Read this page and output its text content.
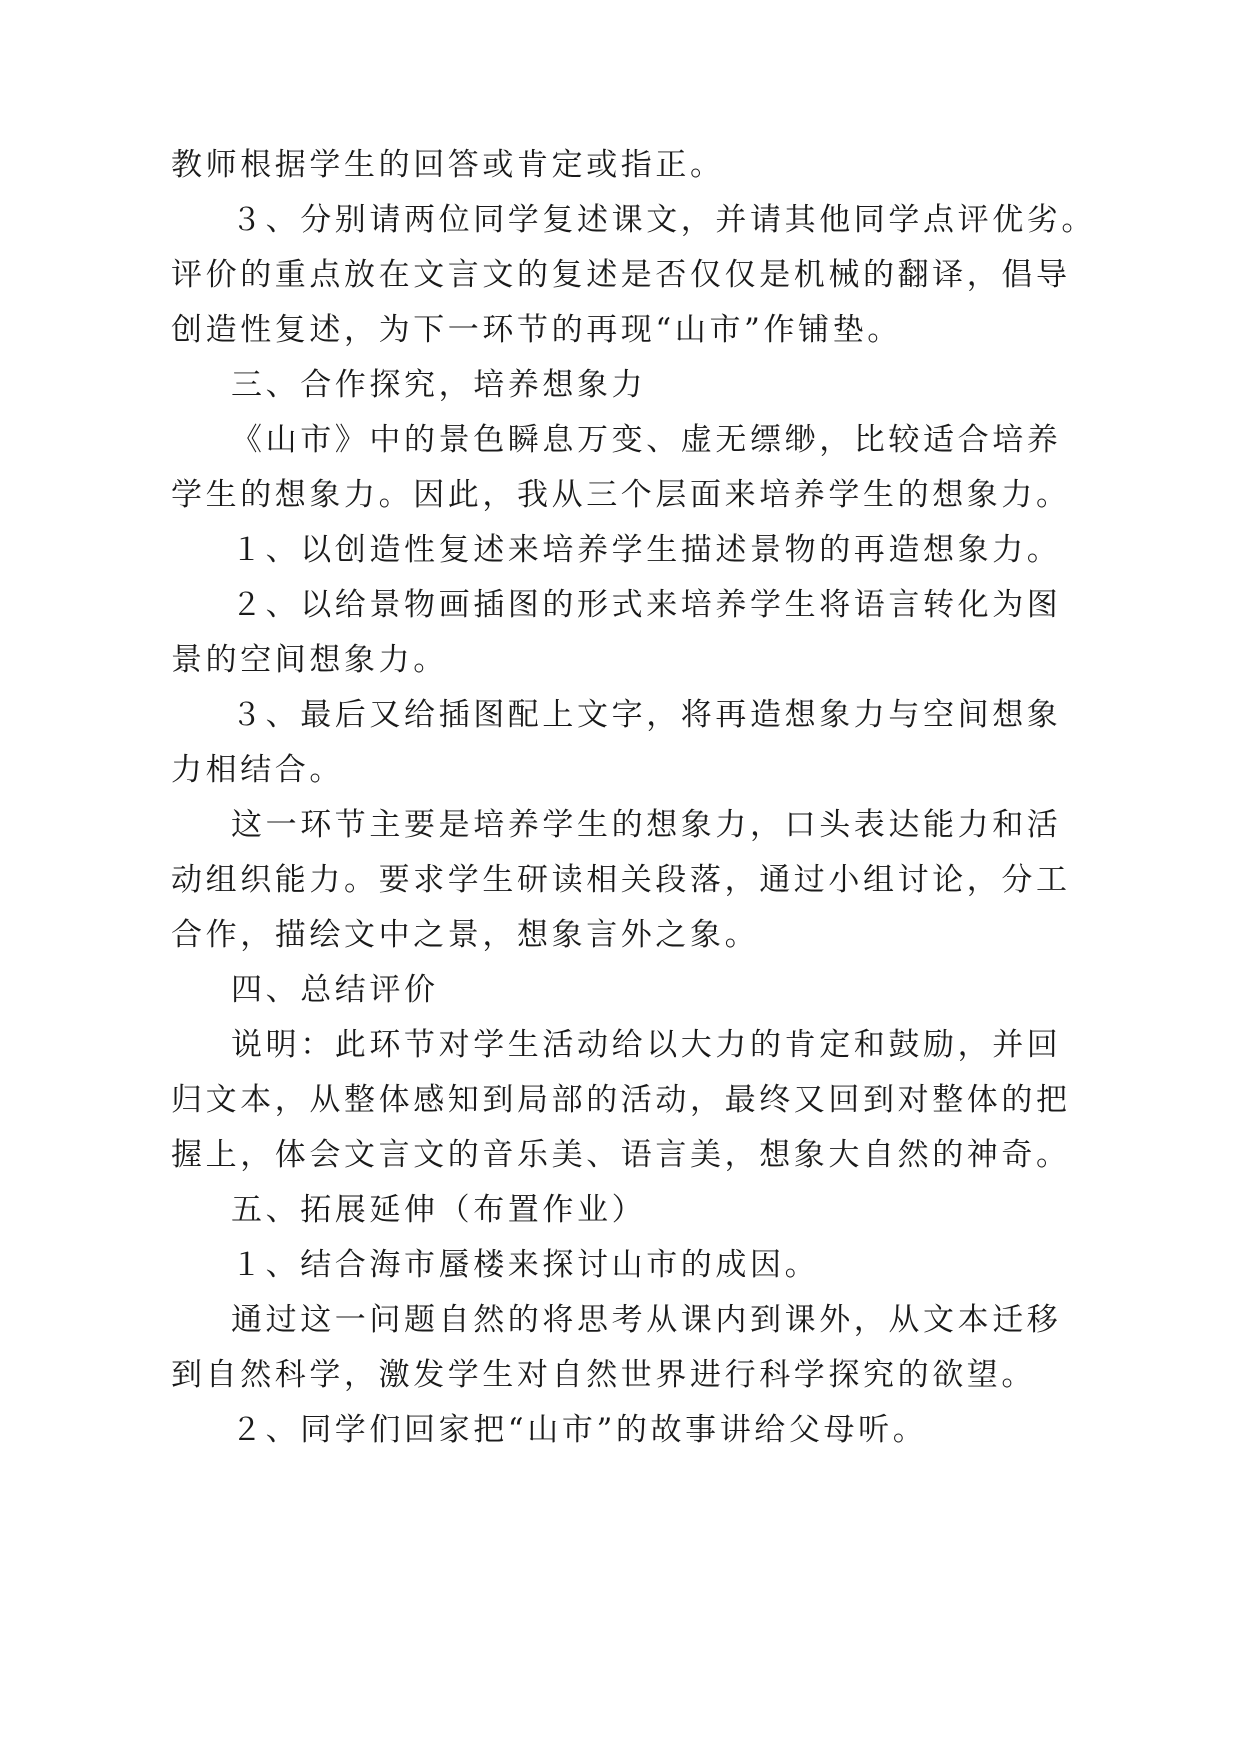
教师根据学生的回答或肯定或指正。
３、分别请两位同学复述课文，并请其他同学点评优劣。
评价的重点放在文言文的复述是否仅仅是机械的翻译，倡导
创造性复述，为下一环节的再现“山市”作铺垫。
三、合作探究，培养想象力
《山市》中的景色瞬息万变、虚无缥缈，比较适合培养
学生的想象力。因此，我从三个层面来培养学生的想象力。
１、以创造性复述来培养学生描述景物的再造想象力。
２、以给景物画插图的形式来培养学生将语言转化为图
景的空间想象力。
３、最后又给插图配上文字，将再造想象力与空间想象
力相结合。
这一环节主要是培养学生的想象力，口头表达能力和活
动组织能力。要求学生研读相关段落，通过小组讨论，分工
合作，描绘文中之景，想象言外之象。
四、总结评价
说明：此环节对学生活动给以大力的肯定和鼓励，并回
归文本，从整体感知到局部的活动，最终又回到对整体的把
握上，体会文言文的音乐美、语言美，想象大自然的神奇。
五、拓展延伸（布置作业）
１、结合海市蜃楼来探讨山市的成因。
通过这一问题自然的将思考从课内到课外，从文本迁移
到自然科学，激发学生对自然世界进行科学探究的欲望。
２、同学们回家把“山市”的故事讲给父母听。
